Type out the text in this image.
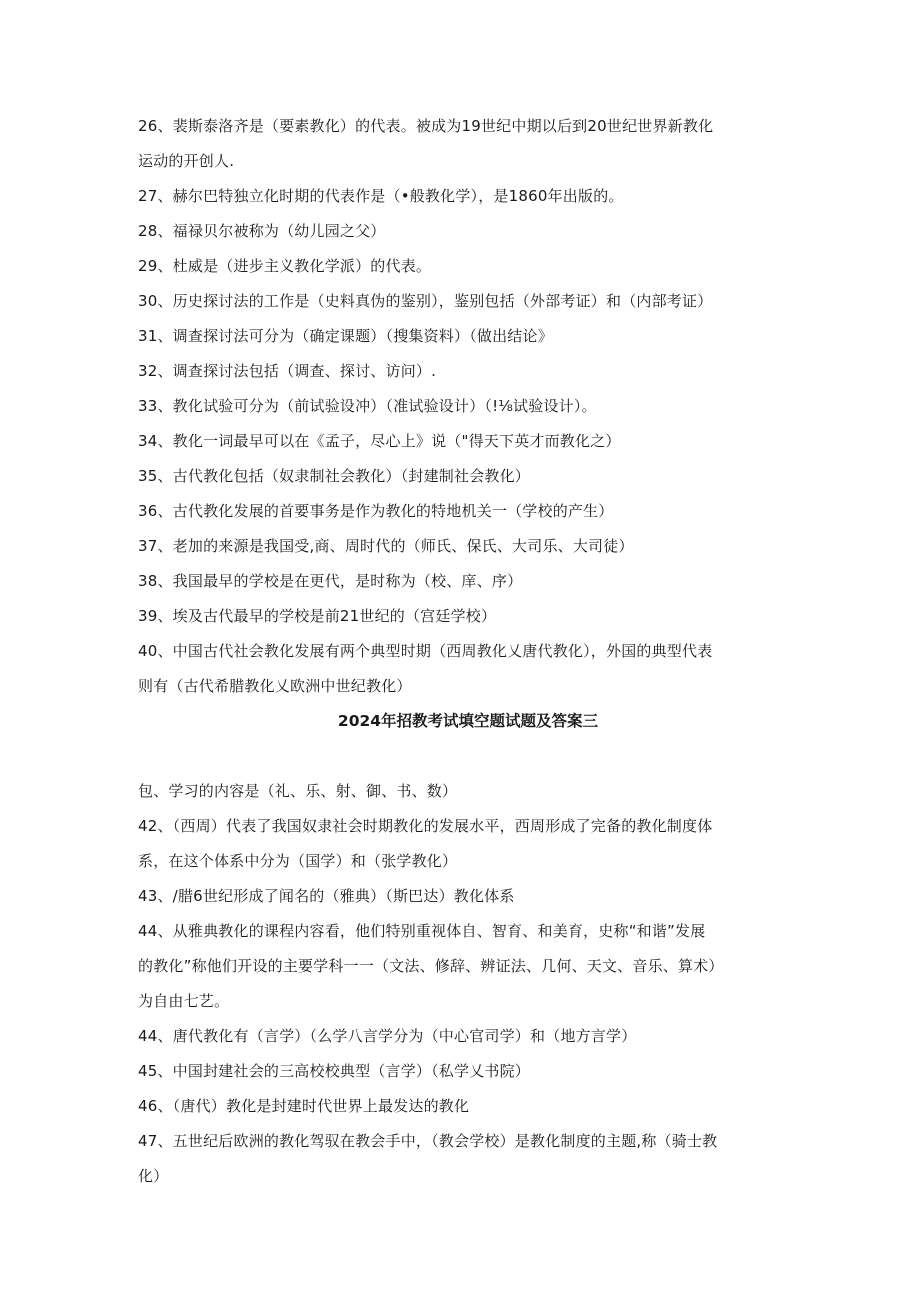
26、裴斯泰洛齐是（要素教化）的代表。被成为19世纪中期以后到20世纪世界新教化
运动的开创人.
27、赫尔巴特独立化时期的代表作是（•般教化学），是1860年出版的。
28、福禄贝尔被称为（幼儿园之父）
29、杜威是（进步主义教化学派）的代表。
30、历史探讨法的工作是（史料真伪的鉴别），鉴别包括（外部考证）和（内部考证）
31、调查探讨法可分为（确定课题）（搜集资料）（做出结论》
32、调查探讨法包括（调查、探讨、访问）.
33、教化试验可分为（前试验设冲）（准试验设计）（!⅛试验设计）。
34、教化一词最早可以在《孟子，尽心上》说（"得天下英才而教化之）
35、古代教化包括（奴隶制社会教化）（封建制社会教化）
36、古代教化发展的首要事务是作为教化的特地机关一（学校的产生）
37、老加的来源是我国受,商、周时代的（师氏、保氏、大司乐、大司徒）
38、我国最早的学校是在更代，是时称为（校、庠、序）
39、埃及古代最早的学校是前21世纪的（宫廷学校）
40、中国古代社会教化发展有两个典型时期（西周教化乂唐代教化），外国的典型代表
则有（古代希腊教化乂欧洲中世纪教化）
2024年招教考试填空题试题及答案三
包、学习的内容是（礼、乐、射、御、书、数）
42、（西周）代表了我国奴隶社会时期教化的发展水平，西周形成了完备的教化制度体
系，在这个体系中分为（国学）和（张学教化）
43、/腊6世纪形成了闻名的（雅典）（斯巴达）教化体系
44、从雅典教化的课程内容看，他们特别重视体自、智育、和美育，史称“和谐”发展
的教化”称他们开设的主要学科一一（文法、修辞、辨证法、几何、天文、音乐、算术）
为自由七艺。
44、唐代教化有（言学）（么学八言学分为（中心官司学）和（地方言学）
45、中国封建社会的三高校校典型（言学）（私学乂书院）
46、（唐代）教化是封建时代世界上最发达的教化
47、五世纪后欧洲的教化驾驭在教会手中，（教会学校）是教化制度的主题,称（骑士教
化）
